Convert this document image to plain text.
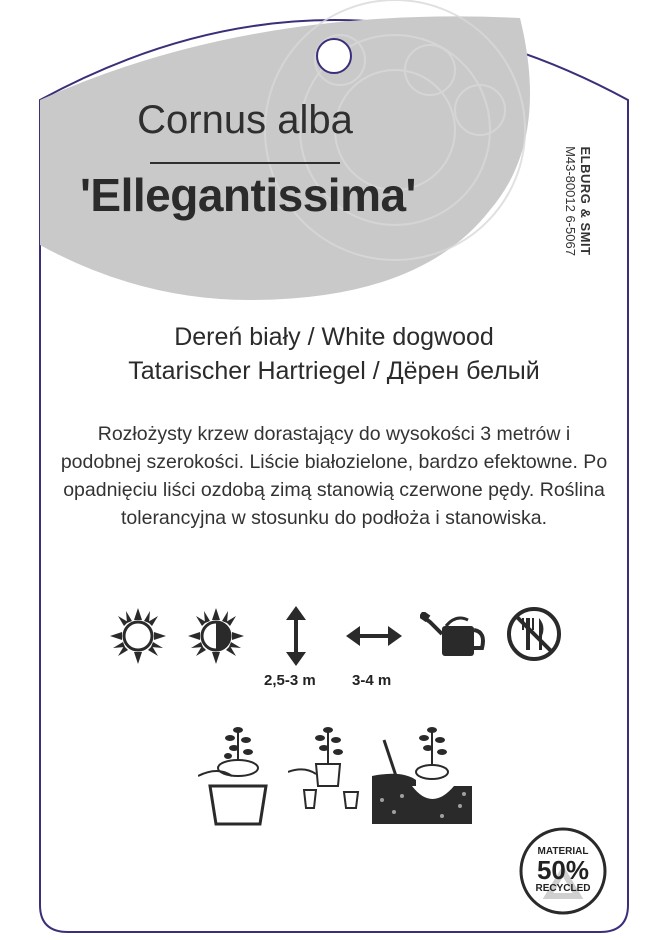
Cornus alba
'Ellegantissima'	ELBURG & SMIT
M43-80012 6-5067
Dereń biały / White dogwood
Tatarischer Hartriegel / Дёрен белый
Rozłożysty krzew dorastający do wysokości 3 metrów i podobnej szerokości. Liście białozielone, bardzo efektowne. Po opadnięciu liści ozdobą zimą stanowią czerwone pędy. Roślina tolerancyjna w stosunku do podłoża i stanowiska.
2,5-3 m 3-4 m
MATERIAL
50%
RECYCLED
